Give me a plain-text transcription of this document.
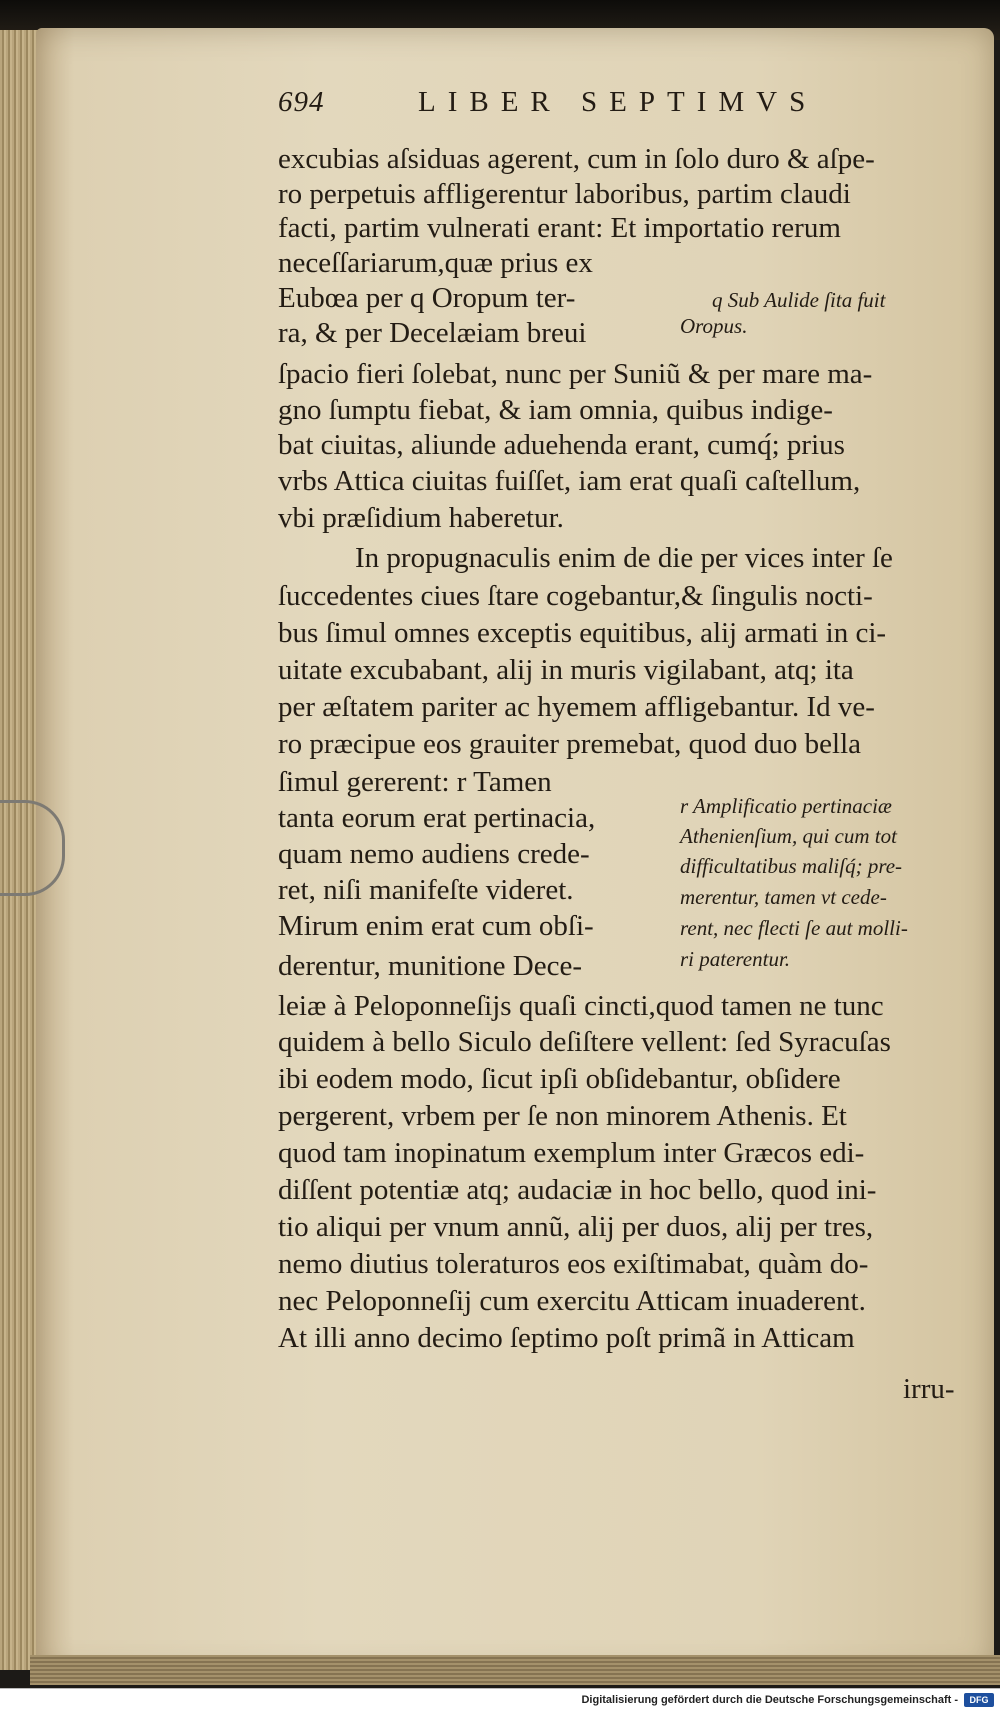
694	LIBER SEPTIMVS
excubias aſsiduas agerent, cum in ſolo duro & aſpe-
ro perpetuis affligerentur laboribus, partim claudi
facti, partim vulnerati erant: Et importatio rerum
neceſſariarum,quæ prius ex
Eubœa per q Oropum ter-
ra, & per Decelæiam breui
ſpacio fieri ſolebat, nunc per Suniũ & per mare ma-
gno ſumptu fiebat, & iam omnia, quibus indige-
bat ciuitas, aliunde aduehenda erant, cumq́; prius
vrbs Attica ciuitas fuiſſet, iam erat quaſi caſtellum,
vbi præſidium haberetur.
In propugnaculis enim de die per vices inter ſe
ſuccedentes ciues ſtare cogebantur,& ſingulis nocti-
bus ſimul omnes exceptis equitibus, alij armati in ci-
uitate excubabant, alij in muris vigilabant, atq; ita
per æſtatem pariter ac hyemem affligebantur. Id ve-
ro præcipue eos grauiter premebat, quod duo bella
ſimul gererent: r Tamen
tanta eorum erat pertinacia,
quam nemo audiens crede-
ret, niſi manifeſte videret.
Mirum enim erat cum obſi-
derentur, munitione Dece-
leiæ à Peloponneſijs quaſi cincti,quod tamen ne tunc
quidem à bello Siculo deſiſtere vellent: ſed Syracuſas
ibi eodem modo, ſicut ipſi obſidebantur, obſidere
pergerent, vrbem per ſe non minorem Athenis. Et
quod tam inopinatum exemplum inter Græcos edi-
diſſent potentiæ atq; audaciæ in hoc bello, quod ini-
tio aliqui per vnum annũ, alij per duos, alij per tres,
nemo diutius toleraturos eos exiſtimabat, quàm do-
nec Peloponneſij cum exercitu Atticam inuaderent.
At illi anno decimo ſeptimo poſt primã in Atticam
irru-
q Sub Aulide ſita fuit
Oropus.
r Amplificatio pertinaciæ
Athenienſium, qui cum tot
difficultatibus maliſq́; pre-
merentur, tamen vt cede-
rent, nec flecti ſe aut molli-
ri paterentur.
Digitalisierung gefördert durch die Deutsche Forschungsgemeinschaft -	DFG
